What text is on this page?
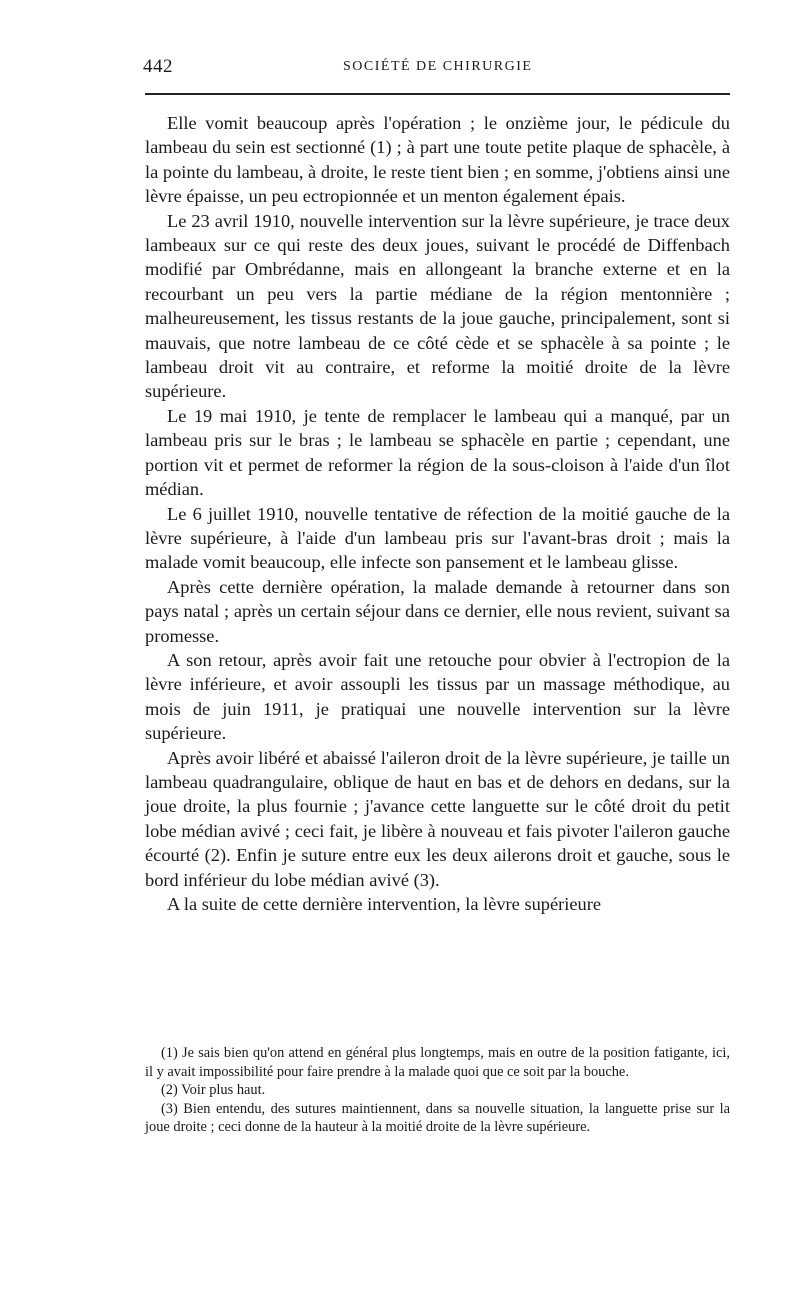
442	SOCIÉTÉ DE CHIRURGIE

Elle vomit beaucoup après l'opération ; le onzième jour, le pédicule du lambeau du sein est sectionné (1) ; à part une toute petite plaque de sphacèle, à la pointe du lambeau, à droite, le reste tient bien ; en somme, j'obtiens ainsi une lèvre épaisse, un peu ectropionnée et un menton également épais.

Le 23 avril 1910, nouvelle intervention sur la lèvre supérieure, je trace deux lambeaux sur ce qui reste des deux joues, suivant le procédé de Diffenbach modifié par Ombrédanne, mais en allongeant la branche externe et en la recourbant un peu vers la partie médiane de la région mentonnière ; malheureusement, les tissus restants de la joue gauche, principalement, sont si mauvais, que notre lambeau de ce côté cède et se sphacèle à sa pointe ; le lambeau droit vit au contraire, et reforme la moitié droite de la lèvre supérieure.

Le 19 mai 1910, je tente de remplacer le lambeau qui a manqué, par un lambeau pris sur le bras ; le lambeau se sphacèle en partie ; cependant, une portion vit et permet de reformer la région de la sous-cloison à l'aide d'un îlot médian.

Le 6 juillet 1910, nouvelle tentative de réfection de la moitié gauche de la lèvre supérieure, à l'aide d'un lambeau pris sur l'avant-bras droit ; mais la malade vomit beaucoup, elle infecte son pansement et le lambeau glisse.

Après cette dernière opération, la malade demande à retourner dans son pays natal ; après un certain séjour dans ce dernier, elle nous revient, suivant sa promesse.

A son retour, après avoir fait une retouche pour obvier à l'ectropion de la lèvre inférieure, et avoir assoupli les tissus par un massage méthodique, au mois de juin 1911, je pratiquai une nouvelle intervention sur la lèvre supérieure.

Après avoir libéré et abaissé l'aileron droit de la lèvre supérieure, je taille un lambeau quadrangulaire, oblique de haut en bas et de dehors en dedans, sur la joue droite, la plus fournie ; j'avance cette languette sur le côté droit du petit lobe médian avivé ; ceci fait, je libère à nouveau et fais pivoter l'aileron gauche écourté (2). Enfin je suture entre eux les deux ailerons droit et gauche, sous le bord inférieur du lobe médian avivé (3).

A la suite de cette dernière intervention, la lèvre supérieure

(1) Je sais bien qu'on attend en général plus longtemps, mais en outre de la position fatigante, ici, il y avait impossibilité pour faire prendre à la malade quoi que ce soit par la bouche.

(2) Voir plus haut.

(3) Bien entendu, des sutures maintiennent, dans sa nouvelle situation, la languette prise sur la joue droite ; ceci donne de la hauteur à la moitié droite de la lèvre supérieure.
